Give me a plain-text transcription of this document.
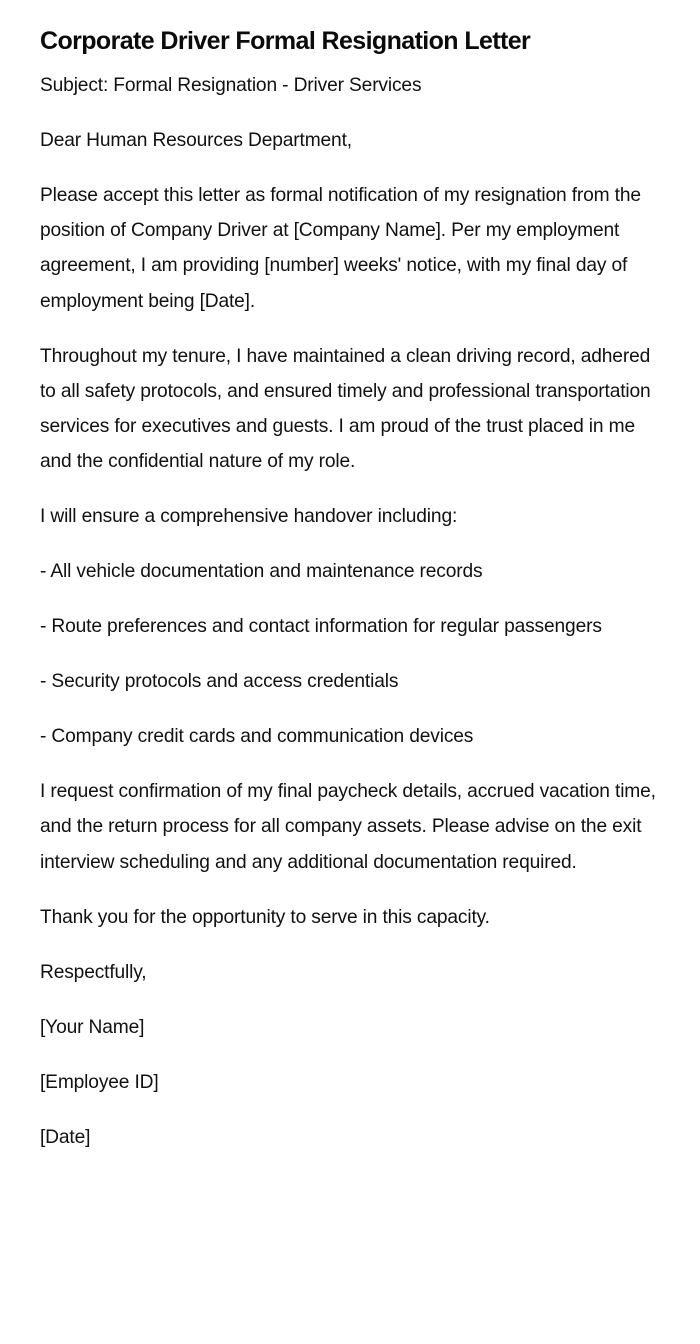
Corporate Driver Formal Resignation Letter

Subject: Formal Resignation - Driver Services

Dear Human Resources Department,

Please accept this letter as formal notification of my resignation from the position of Company Driver at [Company Name]. Per my employment agreement, I am providing [number] weeks' notice, with my final day of employment being [Date].

Throughout my tenure, I have maintained a clean driving record, adhered to all safety protocols, and ensured timely and professional transportation services for executives and guests. I am proud of the trust placed in me and the confidential nature of my role.

I will ensure a comprehensive handover including:

- All vehicle documentation and maintenance records

- Route preferences and contact information for regular passengers

- Security protocols and access credentials

- Company credit cards and communication devices

I request confirmation of my final paycheck details, accrued vacation time, and the return process for all company assets. Please advise on the exit interview scheduling and any additional documentation required.

Thank you for the opportunity to serve in this capacity.

Respectfully,

[Your Name]

[Employee ID]

[Date]
